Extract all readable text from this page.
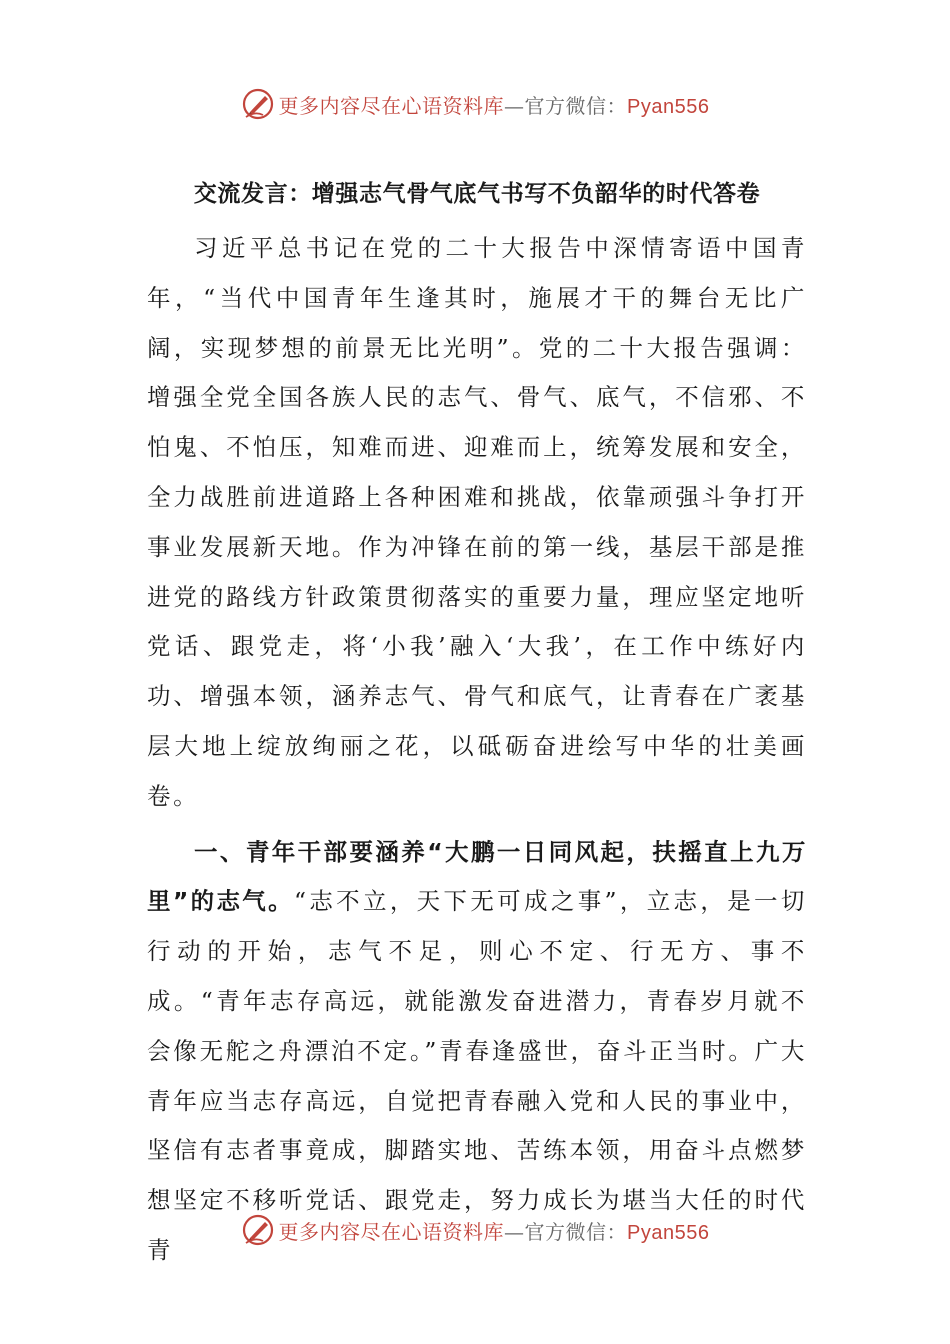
更多内容尽在心语资料库—官方微信：Pyan556
交流发言：增强志气骨气底气书写不负韶华的时代答卷

习近平总书记在党的二十大报告中深情寄语中国青年，“当代中国青年生逢其时，施展才干的舞台无比广阔，实现梦想的前景无比光明”。党的二十大报告强调：增强全党全国各族人民的志气、骨气、底气，不信邪、不怕鬼、不怕压，知难而进、迎难而上，统筹发展和安全，全力战胜前进道路上各种困难和挑战，依靠顽强斗争打开事业发展新天地。作为冲锋在前的第一线，基层干部是推进党的路线方针政策贯彻落实的重要力量，理应坚定地听党话、跟党走，将‘小我’融入‘大我’，在工作中练好内功、增强本领，涵养志气、骨气和底气，让青春在广袤基层大地上绽放绚丽之花，以砥砺奋进绘写中华的壮美画卷。

一、青年干部要涵养“大鹏一日同风起，扶摇直上九万里”的志气。“志不立，天下无可成之事”，立志，是一切行动的开始，志气不足，则心不定、行无方、事不成。“青年志存高远，就能激发奋进潜力，青春岁月就不会像无舵之舟漂泊不定。”青春逢盛世，奋斗正当时。广大青年应当志存高远，自觉把青春融入党和人民的事业中，坚信有志者事竟成，脚踏实地、苦练本领，用奋斗点燃梦想坚定不移听党话、跟党走，努力成长为堪当大任的时代青

更多内容尽在心语资料库—官方微信：Pyan556
